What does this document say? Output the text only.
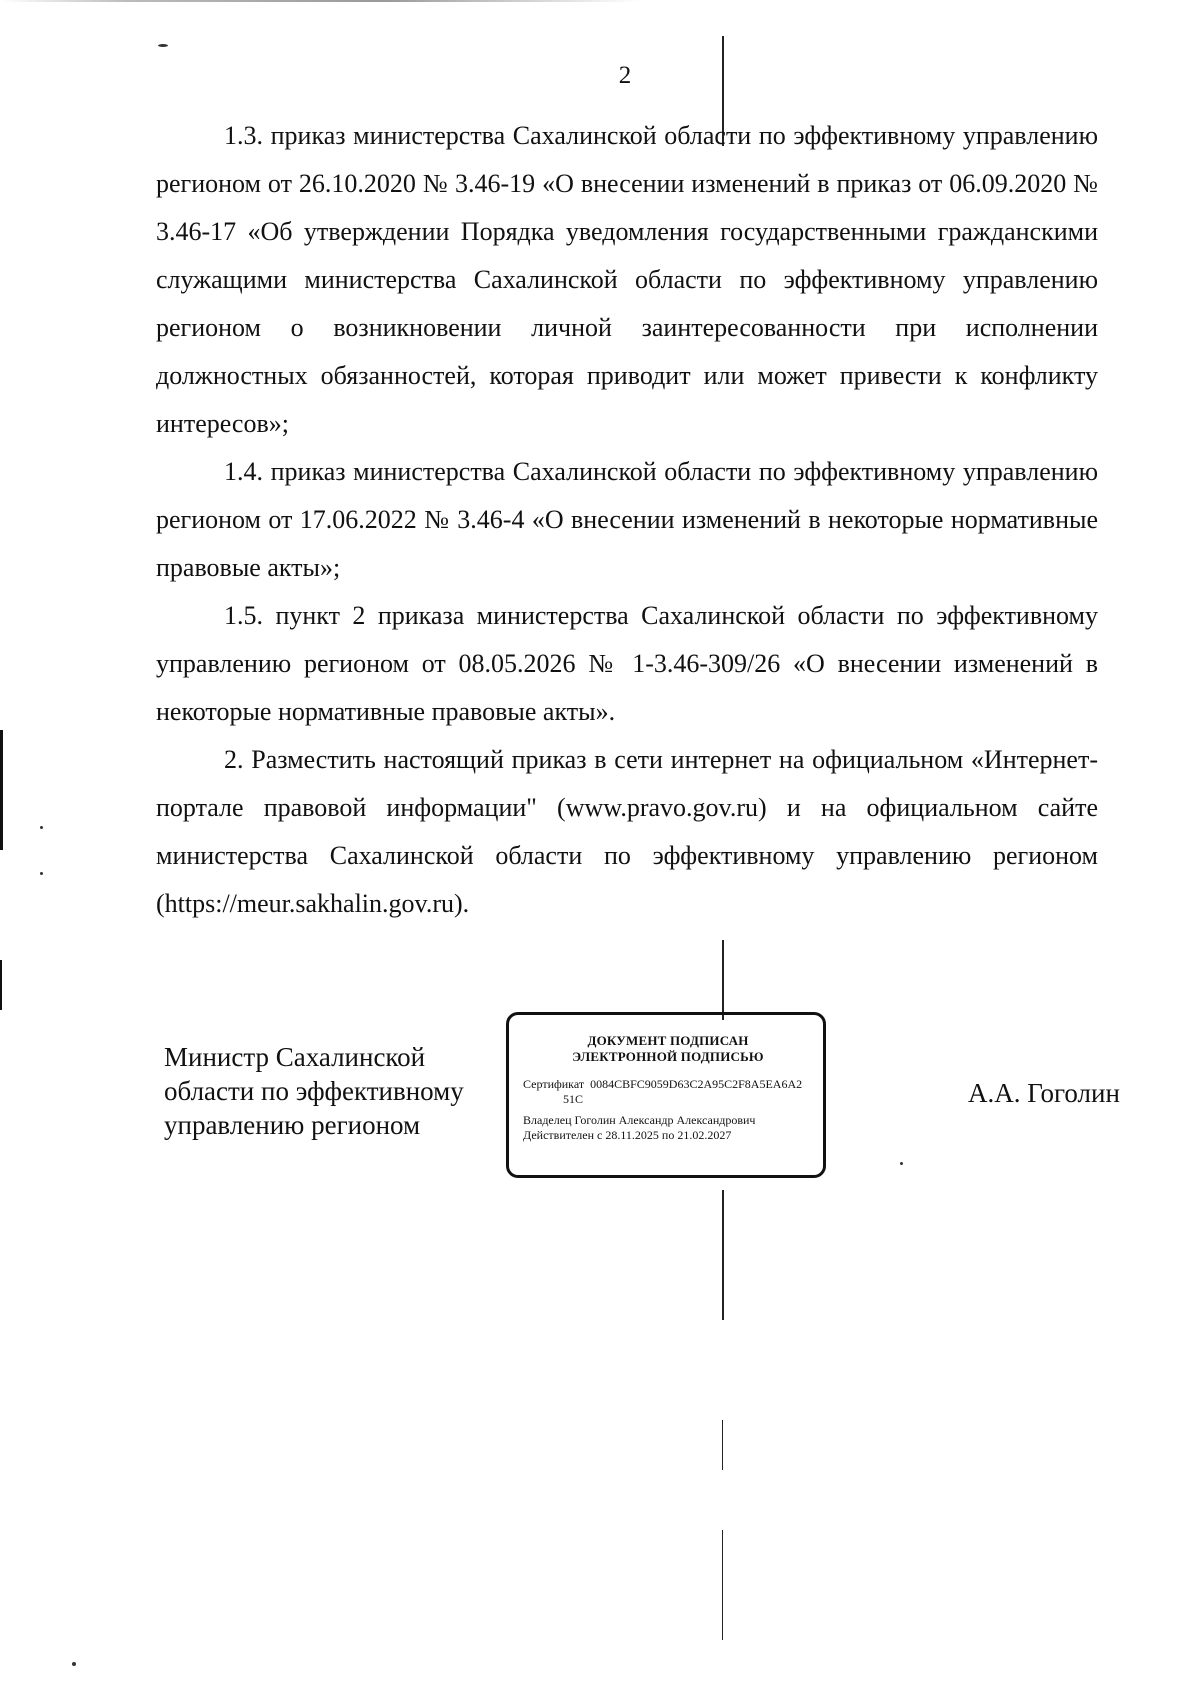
2

1.3. приказ министерства Сахалинской области по эффективному управлению регионом от 26.10.2020 № 3.46-19 «О внесении изменений в приказ от 06.09.2020 № 3.46-17 «Об утверждении Порядка уведомления государственными гражданскими служащими министерства Сахалинской области по эффективному управлению регионом о возникновении личной заинтересованности при исполнении должностных обязанностей, которая приводит или может привести к конфликту интересов»;

1.4. приказ министерства Сахалинской области по эффективному управлению регионом от 17.06.2022 № 3.46-4 «О внесении изменений в некоторые нормативные правовые акты»;

1.5. пункт 2 приказа министерства Сахалинской области по эффективному управлению регионом от 08.05.2026 № 1-3.46-309/26 «О внесении изменений в некоторые нормативные правовые акты».

2. Разместить настоящий приказ в сети интернет на официальном «Интернет-портале правовой информации" (www.pravo.gov.ru) и на официальном сайте министерства Сахалинской области по эффективному управлению регионом (https://meur.sakhalin.gov.ru).

Министр Сахалинской
области по эффективному
управлению регионом
ДОКУМЕНТ ПОДПИСАН
ЭЛЕКТРОННОЙ ПОДПИСЬЮ
Сертификат 0084CBFC9059D63C2A95C2F8A5EA6A2
51C
Владелец Гоголин Александр Александрович
Действителен с 28.11.2025 по 21.02.2027
А.А. Гоголин
